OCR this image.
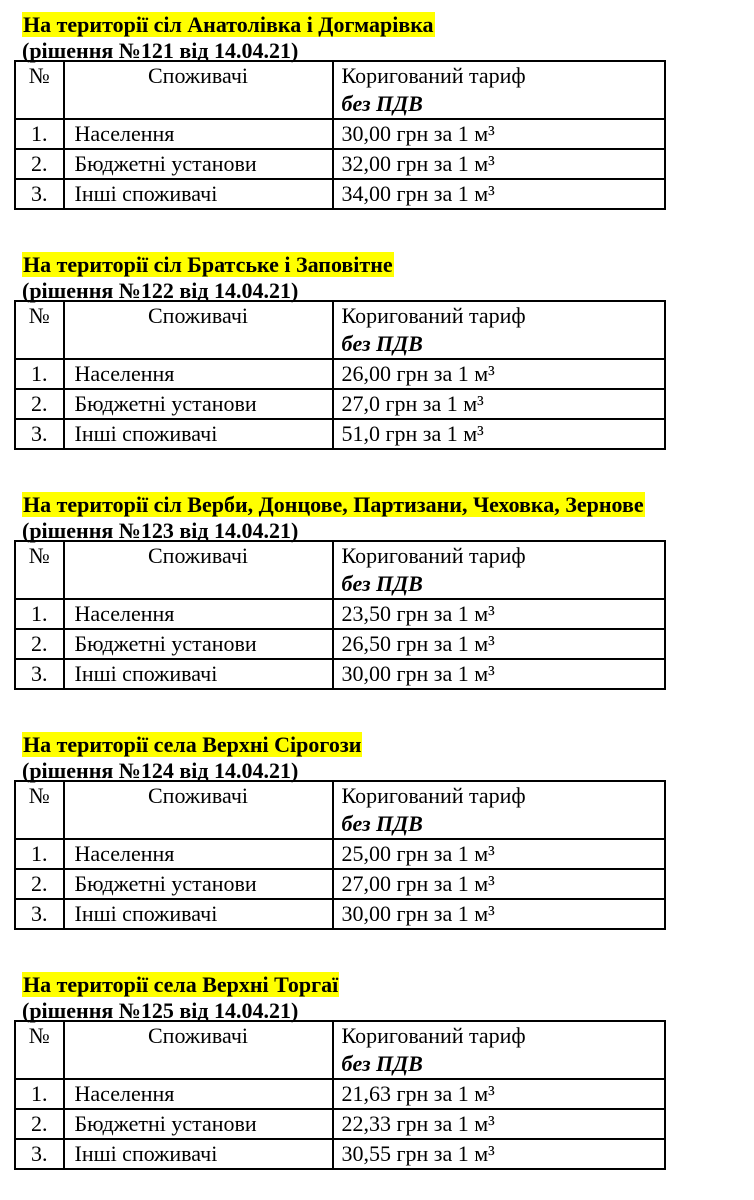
На території сіл Анатолівка і Догмарівка
(рішення №121 від 14.04.21)
№	Споживачі	Коригований тариф
без ПДВ

1.	Населення	30,00 грн за 1 м³
2.	Бюджетні установи	32,00 грн за 1 м³
3.	Інші споживачі	34,00 грн за 1 м³
На території сіл Братське і Заповітне
(рішення №122 від 14.04.21)
№	Споживачі	Коригований тариф
без ПДВ

1.	Населення	26,00 грн за 1 м³
2.	Бюджетні установи	27,0 грн за 1 м³
3.	Інші споживачі	51,0 грн за 1 м³
На території сіл Верби, Донцове, Партизани, Чеховка, Зернове
(рішення №123 від 14.04.21)
№	Споживачі	Коригований тариф
без ПДВ

1.	Населення	23,50 грн за 1 м³
2.	Бюджетні установи	26,50 грн за 1 м³
3.	Інші споживачі	30,00 грн за 1 м³
На території села Верхні Сірогози
(рішення №124 від 14.04.21)
№	Споживачі	Коригований тариф
без ПДВ

1.	Населення	25,00 грн за 1 м³
2.	Бюджетні установи	27,00 грн за 1 м³
3.	Інші споживачі	30,00 грн за 1 м³
На території села Верхні Торгаї
(рішення №125 від 14.04.21)
№	Споживачі	Коригований тариф
без ПДВ

1.	Населення	21,63 грн за 1 м³
2.	Бюджетні установи	22,33 грн за 1 м³
3.	Інші споживачі	30,55 грн за 1 м³
